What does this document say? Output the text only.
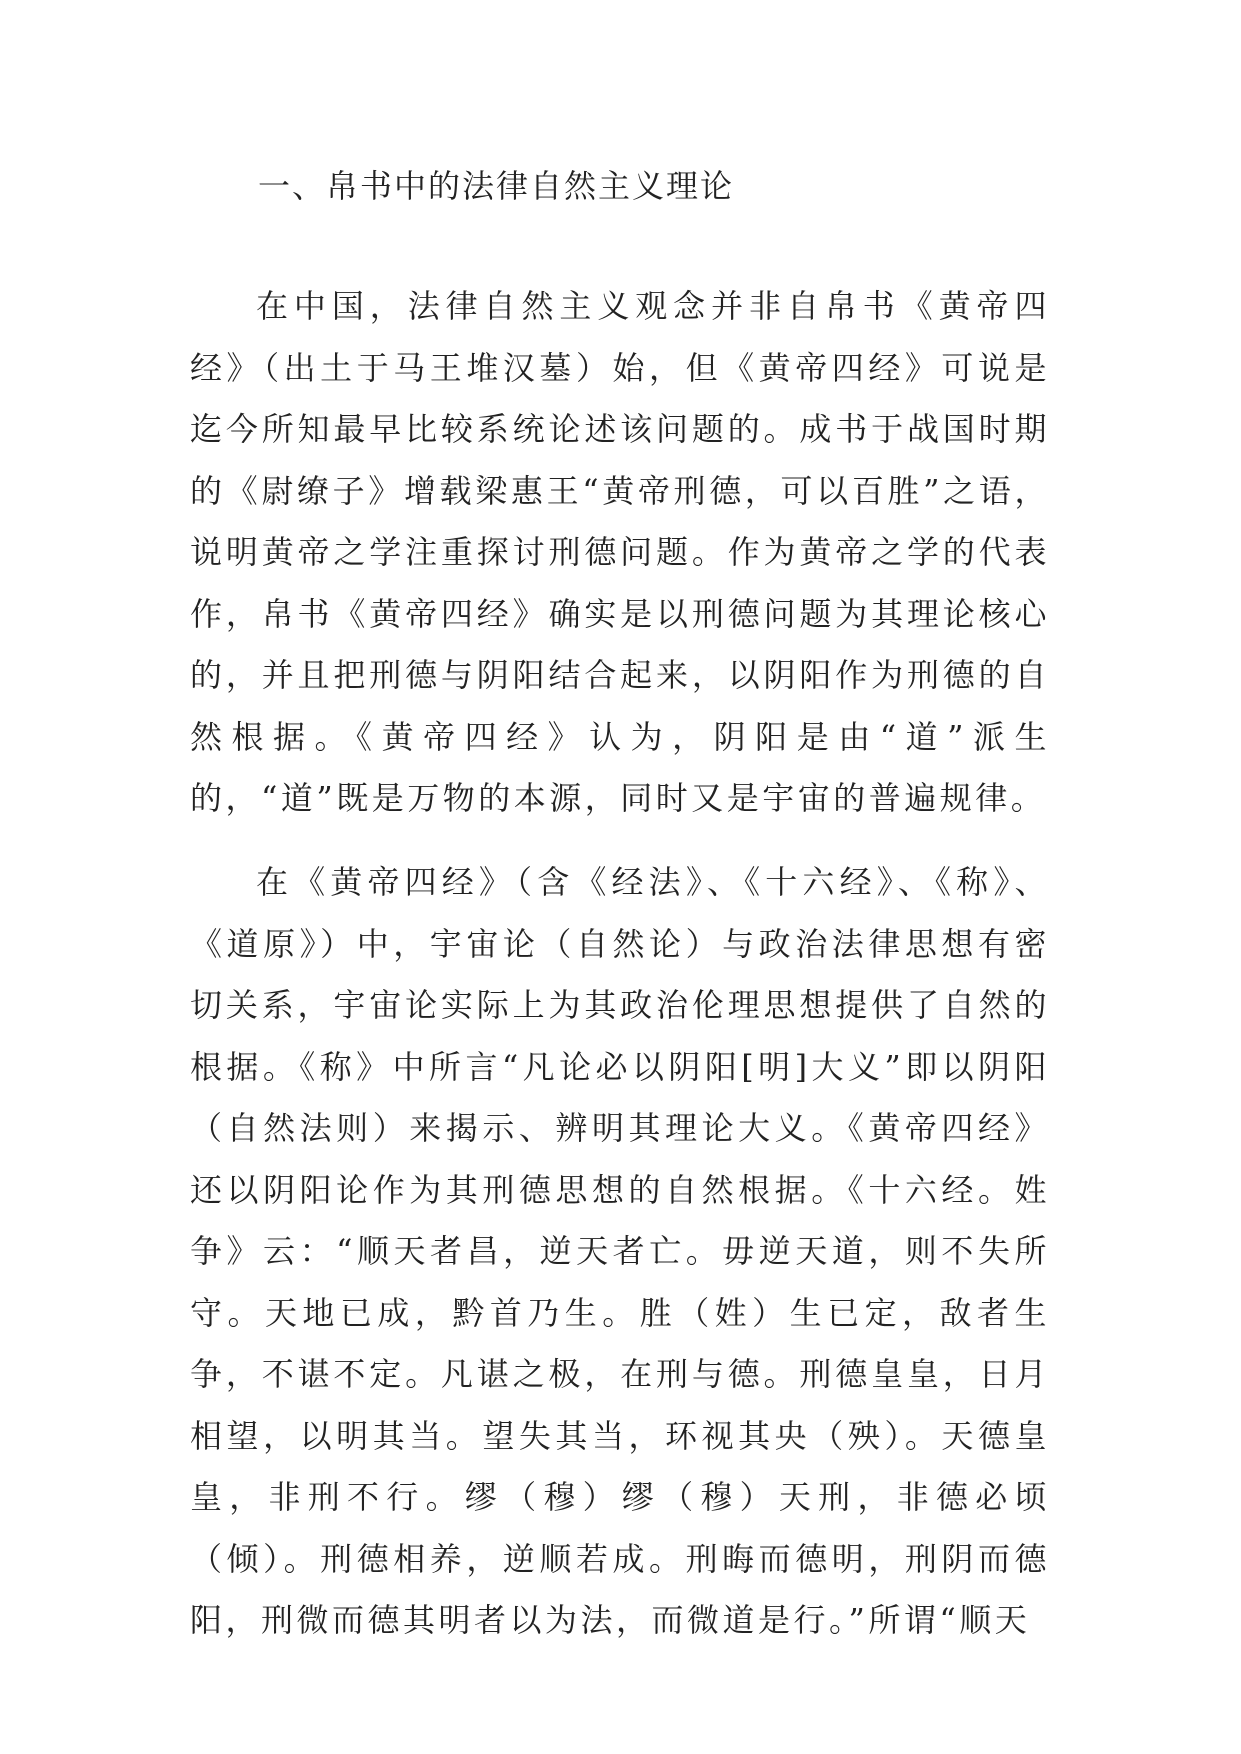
一、帛书中的法律自然主义理论

在中国，法律自然主义观念并非自帛书《黄帝四经》（出土于马王堆汉墓）始，但《黄帝四经》可说是迄今所知最早比较系统论述该问题的。成书于战国时期的《尉缭子》增载梁惠王“黄帝刑德，可以百胜”之语，说明黄帝之学注重探讨刑德问题。作为黄帝之学的代表作，帛书《黄帝四经》确实是以刑德问题为其理论核心的，并且把刑德与阴阳结合起来，以阴阳作为刑德的自然根据。《黄帝四经》认为，阴阳是由“道”派生的，“道”既是万物的本源，同时又是宇宙的普遍规律。

在《黄帝四经》（含《经法》、《十六经》、《称》、《道原》）中，宇宙论（自然论）与政治法律思想有密切关系，宇宙论实际上为其政治伦理思想提供了自然的根据。《称》中所言“凡论必以阴阳[明]大义”即以阴阳（自然法则）来揭示、辨明其理论大义。《黄帝四经》还以阴阳论作为其刑德思想的自然根据。《十六经。姓争》云：“顺天者昌，逆天者亡。毋逆天道，则不失所守。天地已成，黔首乃生。胜（姓）生已定，敌者生争，不谌不定。凡谌之极，在刑与德。刑德皇皇，日月相望，以明其当。望失其当，环视其央（殃）。天德皇皇，非刑不行。缪（穆）缪（穆）天刑，非德必顷（倾）。刑德相养，逆顺若成。刑晦而德明，刑阴而德阳，刑微而德其明者以为法，而微道是行。”所谓“顺天
